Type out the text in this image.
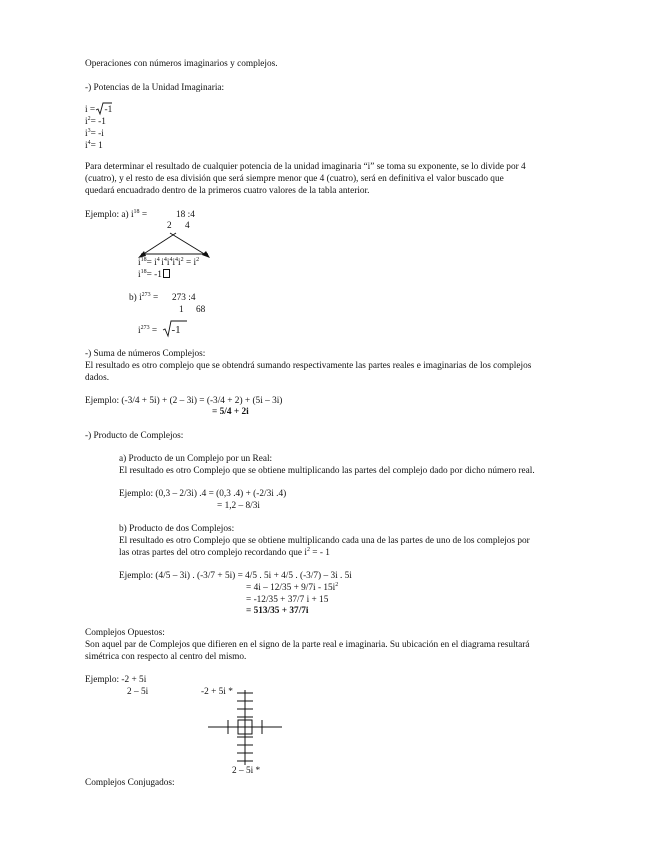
Operaciones con números imaginarios y complejos.
-) Potencias de la Unidad Imaginaria:
i =
-1
$i^2= -1$
$i^3= -i$
$i^4= 1$
Para determinar el resultado de cualquier potencia de la unidad imaginaria “i” se toma su exponente, se lo divide por 4
(cuatro), y el resto de esa división que será siempre menor que 4 (cuatro), será en definitiva el valor buscado que
quedará encuadrado dentro de la primeros cuatro valores de la tabla anterior.
Ejemplo: a) $i^{18}$ =	18 :4
2 4
$i^{18}= i^4$ $i^4i^4i^4i^2 = i^2$
$i^{18}= -1$
b) $i^{273} = 273$ :4
1 68
$i^{273}$ =
-1
-) Suma de números Complejos:
El resultado es otro complejo que se obtendrá sumando respectivamente las partes reales e imaginarias de los complejos
dados.
Ejemplo: (-3/4 + 5i) + (2 – 3i) = (-3/4 + 2) + (5i – 3i)
= 5/4 + 2i
-) Producto de Complejos:
a) Producto de un Complejo por un Real:
El resultado es otro Complejo que se obtiene multiplicando las partes del complejo dado por dicho número real.
Ejemplo: (0,3 – 2/3i) .4 = (0,3 .4) + (-2/3i .4)
= 1,2 – 8/3i
b) Producto de dos Complejos:
El resultado es otro Complejo que se obtiene multiplicando cada una de las partes de uno de los complejos por
las otras partes del otro complejo recordando que $i^2$ = - 1
Ejemplo: (4/5 – 3i) . (-3/7 + 5i) = 4/5 . 5i + 4/5 . (-3/7) – 3i . 5i
= $4i - 12/35 + 9/7i - 15i^2$
= -12/35 + 37/7 i + 15
= 513/35 + 37/7i
Complejos Opuestos:
Son aquel par de Complejos que difieren en el signo de la parte real e imaginaria. Su ubicación en el diagrama resultará
simétrica con respecto al centro del mismo.
Ejemplo: -2 + 5i
2 – 5i	-2 + 5i *
2 – 5i *
Complejos Conjugados:
